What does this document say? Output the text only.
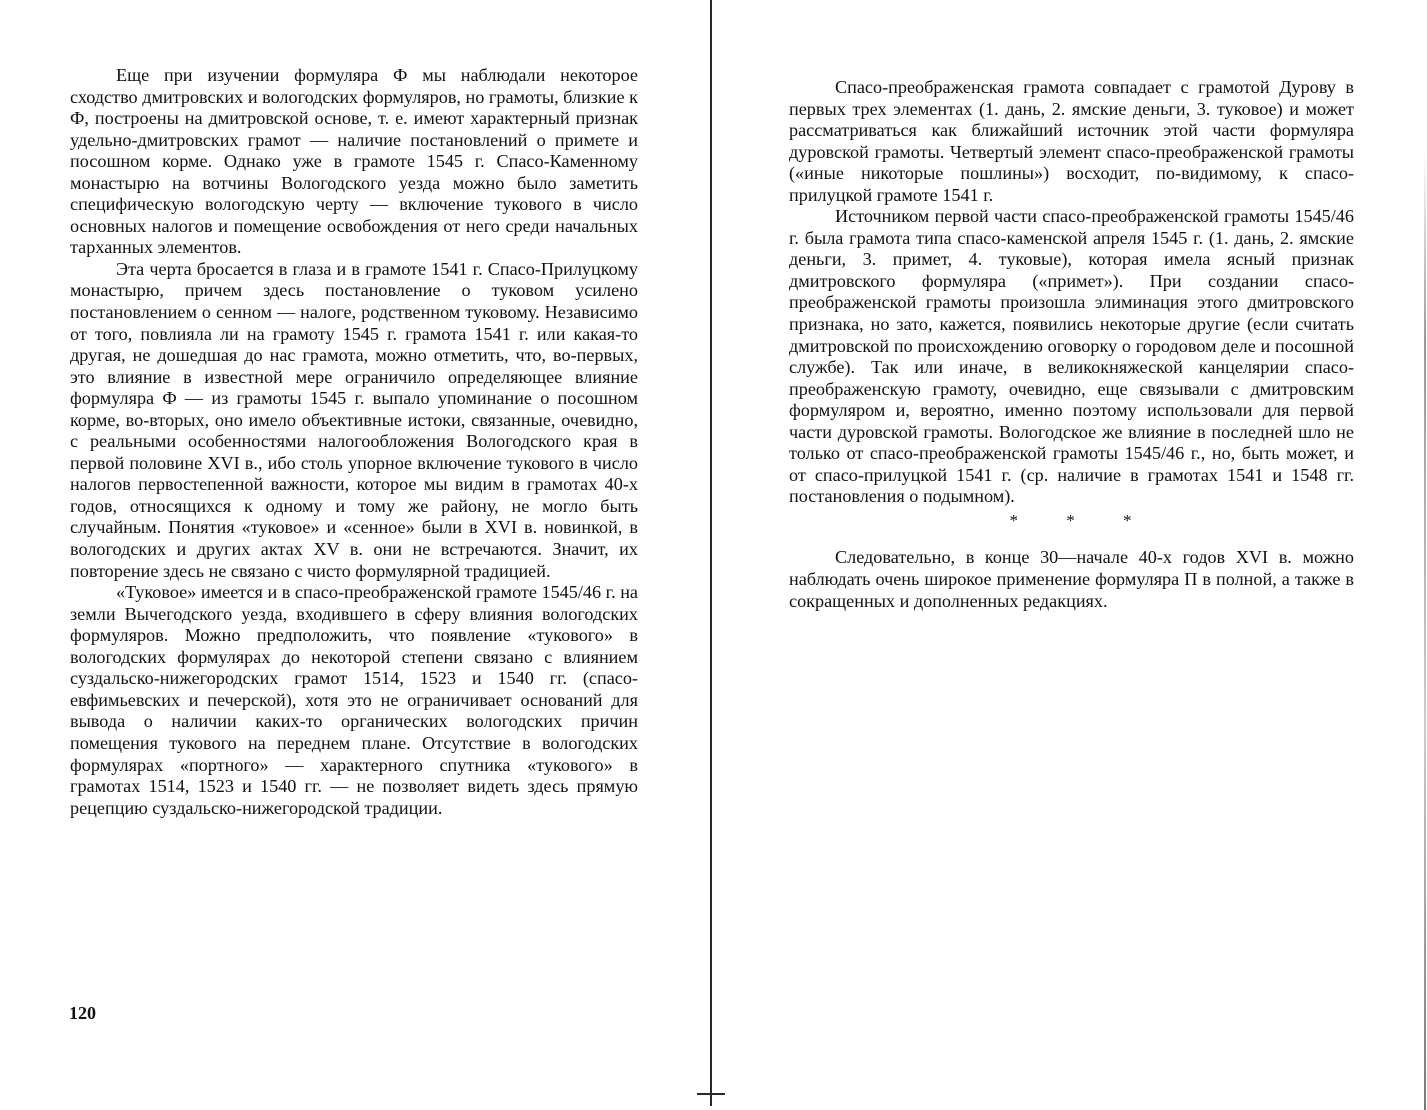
Еще при изучении формуляра Ф мы наблюдали некоторое сходство дмитровских и вологодских формуляров, но грамоты, близкие к Ф, построены на дмитровской основе, т. е. имеют характерный признак удельно-дмитровских грамот — наличие постановлений о примете и посошном корме. Однако уже в грамоте 1545 г. Спасо-Каменному монастырю на вотчины Вологодского уезда можно было заметить специфическую вологодскую черту — включение тукового в число основных налогов и помещение освобождения от него среди начальных тарханных элементов.

Эта черта бросается в глаза и в грамоте 1541 г. Спасо-Прилуцкому монастырю, причем здесь постановление о туковом усилено постановлением о сенном — налоге, родственном туковому. Независимо от того, повлияла ли на грамоту 1545 г. грамота 1541 г. или какая-то другая, не дошедшая до нас грамота, можно отметить, что, во-первых, это влияние в известной мере ограничило определяющее влияние формуляра Ф — из грамоты 1545 г. выпало упоминание о посошном корме, во-вторых, оно имело объективные истоки, связанные, очевидно, с реальными особенностями налогообложения Вологодского края в первой половине XVI в., ибо столь упорное включение тукового в число налогов первостепенной важности, которое мы видим в грамотах 40-х годов, относящихся к одному и тому же району, не могло быть случайным. Понятия «туковое» и «сенное» были в XVI в. новинкой, в вологодских и других актах XV в. они не встречаются. Значит, их повторение здесь не связано с чисто формулярной традицией.

«Туковое» имеется и в спасо-преображенской грамоте 1545/46 г. на земли Вычегодского уезда, входившего в сферу влияния вологодских формуляров. Можно предположить, что появление «тукового» в вологодских формулярах до некоторой степени связано с влиянием суздальско-нижегородских грамот 1514, 1523 и 1540 гг. (спасо-евфимьевских и печерской), хотя это не ограничивает оснований для вывода о наличии каких-то органических вологодских причин помещения тукового на переднем плане. Отсутствие в вологодских формулярах «портного» — характерного спутника «тукового» в грамотах 1514, 1523 и 1540 гг. — не позволяет видеть здесь прямую рецепцию суздальско-нижегородской традиции.

120

Спасо-преображенская грамота совпадает с грамотой Дурову в первых трех элементах (1. дань, 2. ямские деньги, 3. туковое) и может рассматриваться как ближайший источник этой части формуляра дуровской грамоты. Четвертый элемент спасо-преображенской грамоты («иные никоторые пошлины») восходит, по-видимому, к спасо-прилуцкой грамоте 1541 г.

Источником первой части спасо-преображенской грамоты 1545/46 г. была грамота типа спасо-каменской апреля 1545 г. (1. дань, 2. ямские деньги, 3. примет, 4. туковые), которая имела ясный признак дмитровского формуляра («примет»). При создании спасо-преображенской грамоты произошла элиминация этого дмитровского признака, но зато, кажется, появились некоторые другие (если считать дмитровской по происхождению оговорку о городовом деле и посошной службе). Так или иначе, в великокняжеской канцелярии спасо-преображенскую грамоту, очевидно, еще связывали с дмитровским формуляром и, вероятно, именно поэтому использовали для первой части дуровской грамоты. Вологодское же влияние в последней шло не только от спасо-преображенской грамоты 1545/46 г., но, быть может, и от спасо-прилуцкой 1541 г. (ср. наличие в грамотах 1541 и 1548 гг. постановления о подымном).

* * *

Следовательно, в конце 30—начале 40-х годов XVI в. можно наблюдать очень широкое применение формуляра П в полной, а также в сокращенных и дополненных редакциях.
